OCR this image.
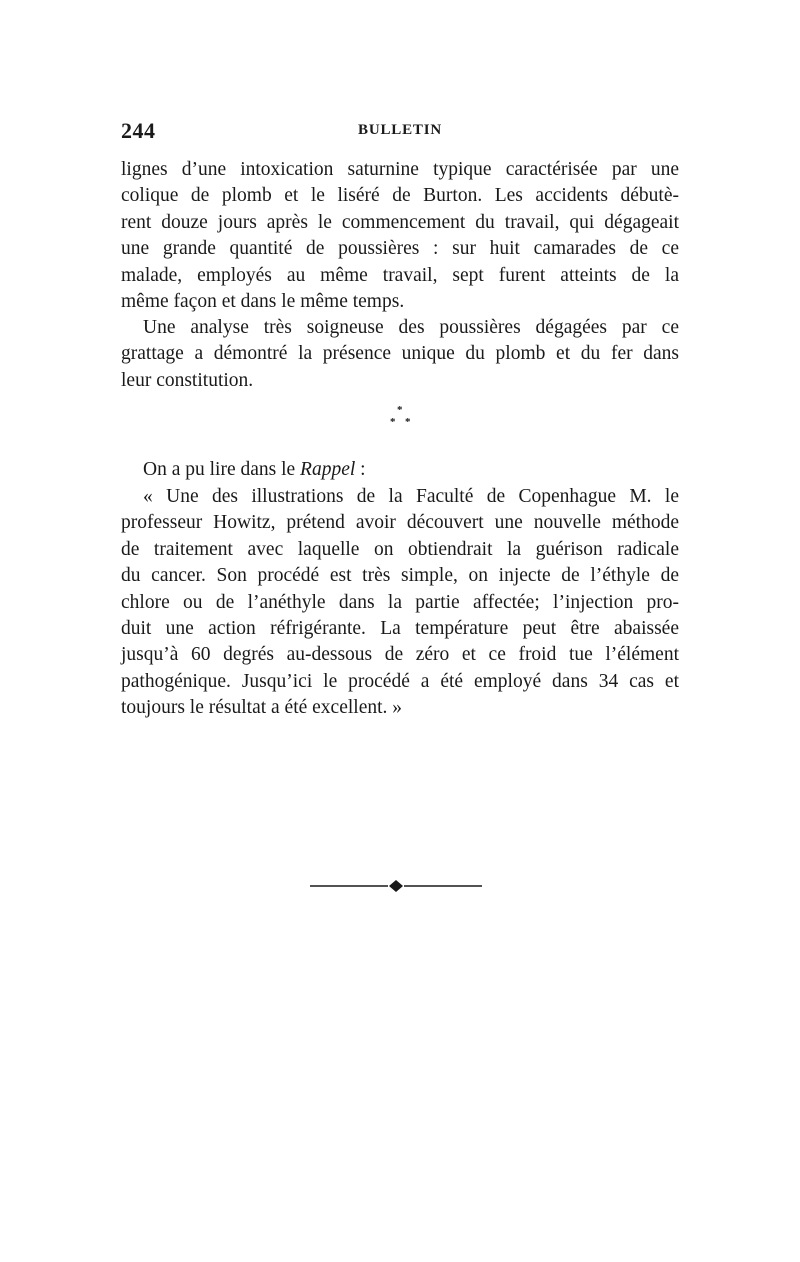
244	BULLETIN
lignes d’une intoxication saturnine typique caractérisée par une
colique de plomb et le liséré de Burton. Les accidents débutè-
rent douze jours après le commencement du travail, qui dégageait
une grande quantité de poussières : sur huit camarades de ce
malade, employés au même travail, sept furent atteints de la
même façon et dans le même temps.
Une analyse très soigneuse des poussières dégagées par ce
grattage a démontré la présence unique du plomb et du fer dans
leur constitution.
*
* *
On a pu lire dans le Rappel :
« Une des illustrations de la Faculté de Copenhague M. le
professeur Howitz, prétend avoir découvert une nouvelle méthode
de traitement avec laquelle on obtiendrait la guérison radicale
du cancer. Son procédé est très simple, on injecte de l’éthyle de
chlore ou de l’anéthyle dans la partie affectée; l’injection pro-
duit une action réfrigérante. La température peut être abaissée
jusqu’à 60 degrés au-dessous de zéro et ce froid tue l’élément
pathogénique. Jusqu’ici le procédé a été employé dans 34 cas et
toujours le résultat a été excellent. »
